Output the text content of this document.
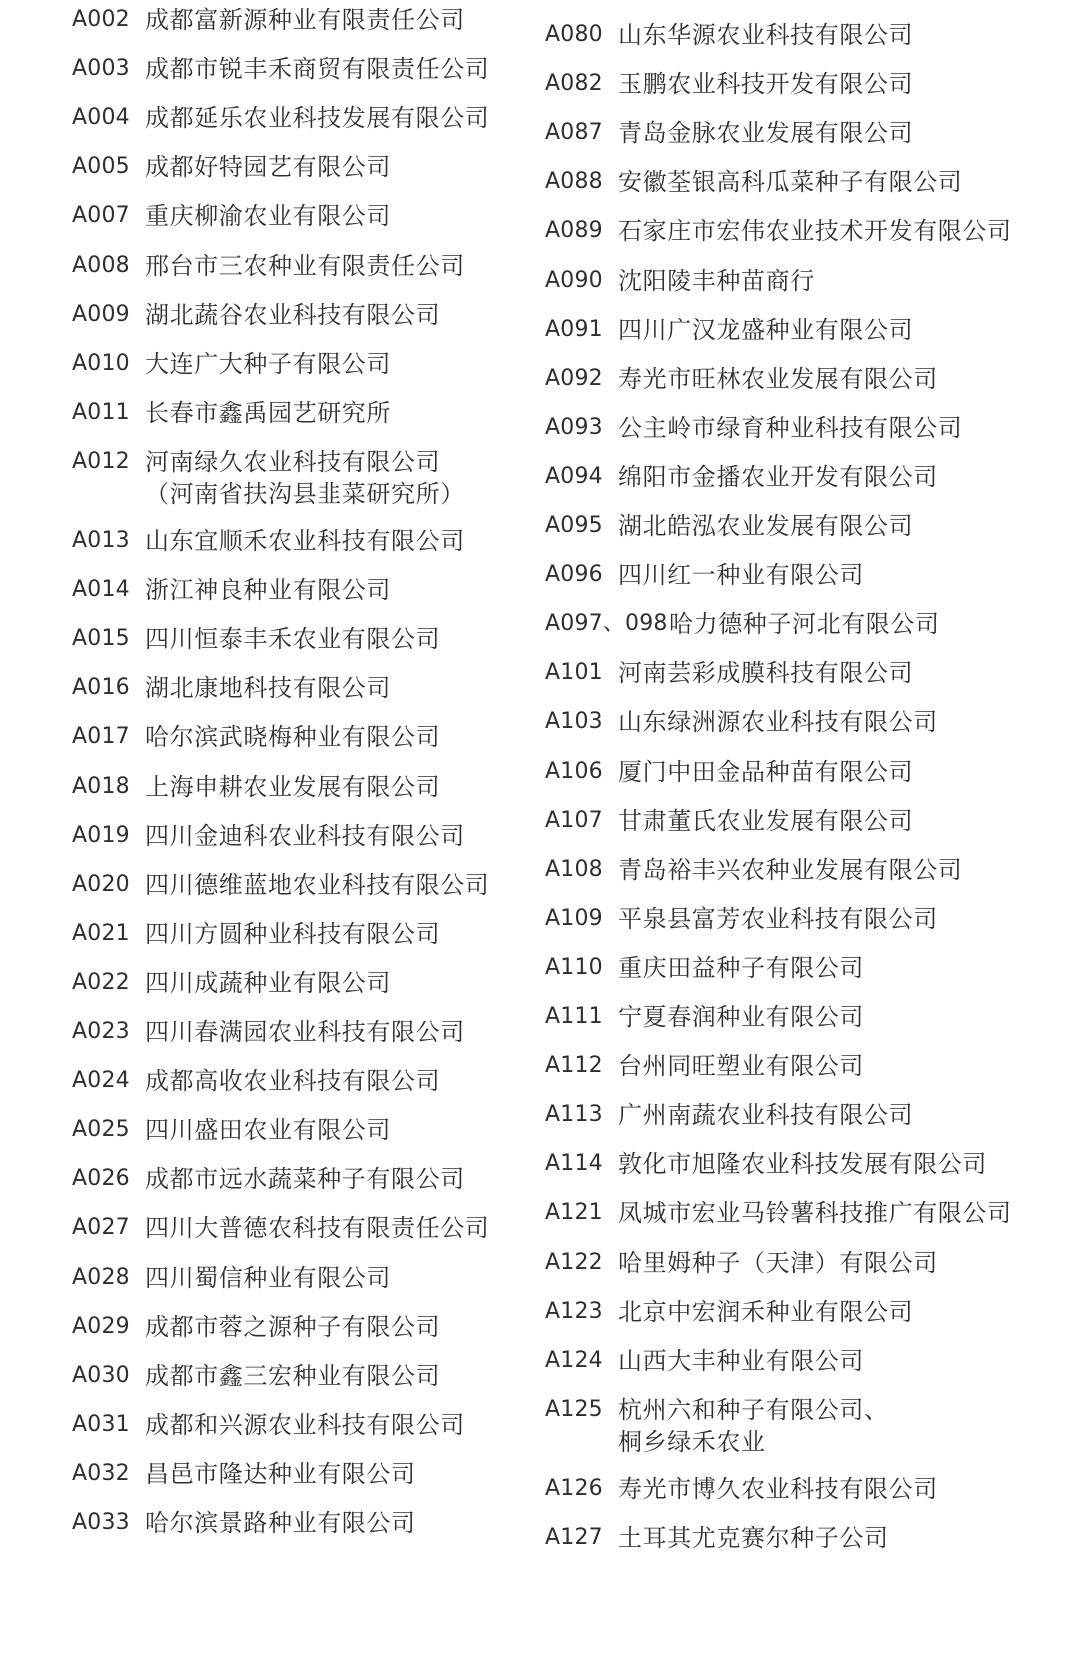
A002 成都富新源种业有限责任公司
A003 成都市锐丰禾商贸有限责任公司
A004 成都延乐农业科技发展有限公司
A005 成都好特园艺有限公司
A007 重庆柳渝农业有限公司
A008 邢台市三农种业有限责任公司
A009 湖北蔬谷农业科技有限公司
A010 大连广大种子有限公司
A011 长春市鑫禹园艺研究所
A012 河南绿久农业科技有限公司
（河南省扶沟县韭菜研究所）
A013 山东宜顺禾农业科技有限公司
A014 浙江神良种业有限公司
A015 四川恒泰丰禾农业有限公司
A016 湖北康地科技有限公司
A017 哈尔滨武晓梅种业有限公司
A018 上海申耕农业发展有限公司
A019 四川金迪科农业科技有限公司
A020 四川德维蓝地农业科技有限公司
A021 四川方圆种业科技有限公司
A022 四川成蔬种业有限公司
A023 四川春满园农业科技有限公司
A024 成都高收农业科技有限公司
A025 四川盛田农业有限公司
A026 成都市远水蔬菜种子有限公司
A027 四川大普德农科技有限责任公司
A028 四川蜀信种业有限公司
A029 成都市蓉之源种子有限公司
A030 成都市鑫三宏种业有限公司
A031 成都和兴源农业科技有限公司
A032 昌邑市隆达种业有限公司
A033 哈尔滨景路种业有限公司
A080 山东华源农业科技有限公司
A082 玉鹏农业科技开发有限公司
A087 青岛金脉农业发展有限公司
A088 安徽荃银高科瓜菜种子有限公司
A089 石家庄市宏伟农业技术开发有限公司
A090 沈阳陵丰种苗商行
A091 四川广汉龙盛种业有限公司
A092 寿光市旺林农业发展有限公司
A093 公主岭市绿育种业科技有限公司
A094 绵阳市金播农业开发有限公司
A095 湖北皓泓农业发展有限公司
A096 四川红一种业有限公司
A097、098 哈力德种子河北有限公司
A101 河南芸彩成膜科技有限公司
A103 山东绿洲源农业科技有限公司
A106 厦门中田金品种苗有限公司
A107 甘肃董氏农业发展有限公司
A108 青岛裕丰兴农种业发展有限公司
A109 平泉县富芳农业科技有限公司
A110 重庆田益种子有限公司
A111 宁夏春润种业有限公司
A112 台州同旺塑业有限公司
A113 广州南蔬农业科技有限公司
A114 敦化市旭隆农业科技发展有限公司
A121 凤城市宏业马铃薯科技推广有限公司
A122 哈里姆种子（天津）有限公司
A123 北京中宏润禾种业有限公司
A124 山西大丰种业有限公司
A125 杭州六和种子有限公司、
桐乡绿禾农业
A126 寿光市博久农业科技有限公司
A127 土耳其尤克赛尔种子公司
